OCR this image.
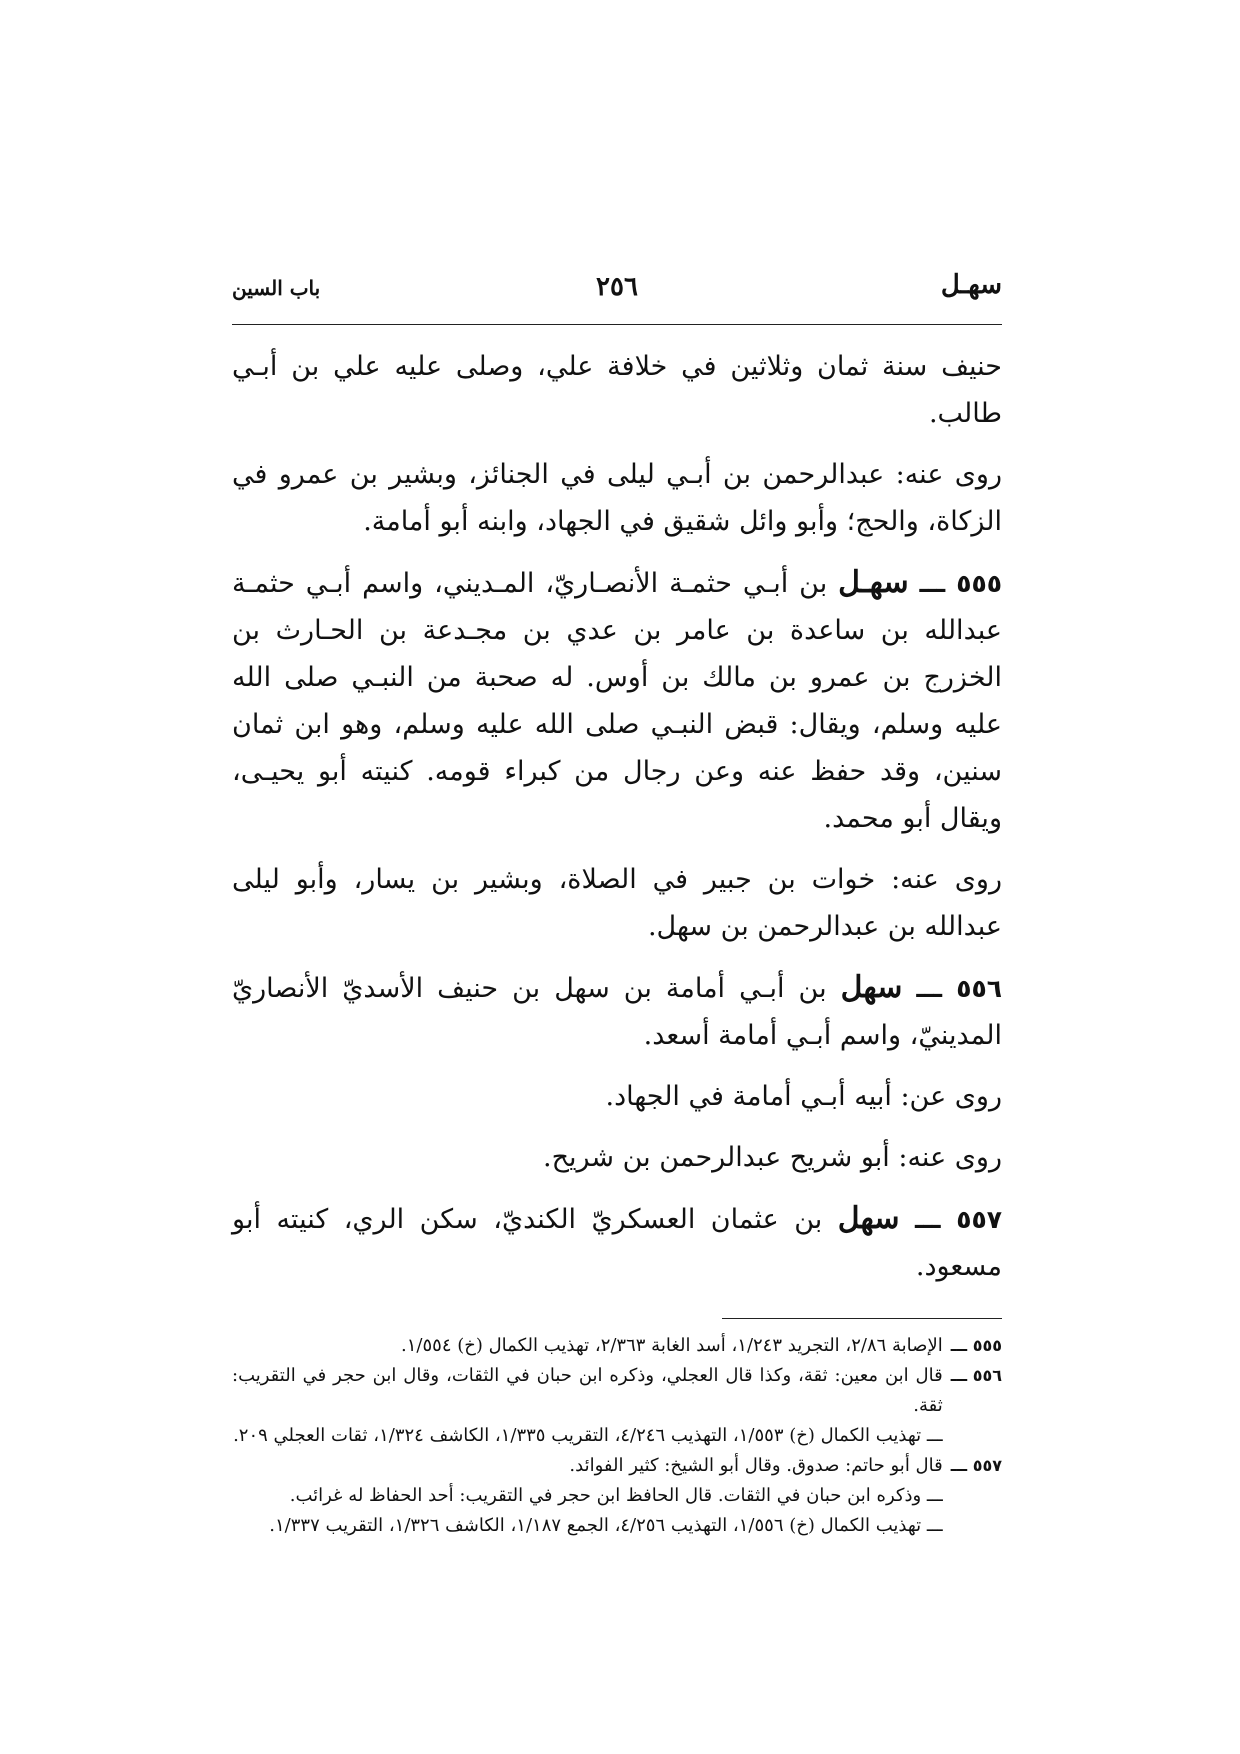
سهـل
٢٥٦
باب السين

حنيف سنة ثمان وثلاثين في خلافة علي، وصلى عليه علي بن أبـي طالب.

روى عنه: عبدالرحمن بن أبـي ليلى في الجنائز، وبشير بن عمرو في الزكاة، والحج؛ وأبو وائل شقيق في الجهاد، وابنه أبو أمامة.

٥٥٥ ـــ سهـل بن أبـي حثمـة الأنصـاريّ، المـديني، واسم أبـي حثمـة عبدالله بن ساعدة بن عامر بن عدي بن مجـدعة بن الحـارث بن الخزرج بن عمرو بن مالك بن أوس. له صحبة من النبـي صلى الله عليه وسلم، ويقال: قبض النبـي صلى الله عليه وسلم، وهو ابن ثمان سنين، وقد حفظ عنه وعن رجال من كبراء قومه. كنيته أبو يحيـى، ويقال أبو محمد.

روى عنه: خوات بن جبير في الصلاة، وبشير بن يسار، وأبو ليلى عبدالله بن عبدالرحمن بن سهل.

٥٥٦ ـــ سهل بن أبـي أمامة بن سهل بن حنيف الأسديّ الأنصاريّ المدينيّ، واسم أبـي أمامة أسعد.

روى عن: أبيه أبـي أمامة في الجهاد.

روى عنه: أبو شريح عبدالرحمن بن شريح.

٥٥٧ ـــ سهل بن عثمان العسكريّ الكنديّ، سكن الري، كنيته أبو مسعود.

٥٥٥ ـــ
الإصابة ٢/٨٦، التجريد ١/٢٤٣، أسد الغابة ٢/٣٦٣، تهذيب الكمال (خ) ١/٥٥٤.
٥٥٦ ـــ
قال ابن معين: ثقة، وكذا قال العجلي، وذكره ابن حبان في الثقات، وقال ابن حجر في التقريب: ثقة.
ـــ تهذيب الكمال (خ) ١/٥٥٣، التهذيب ٤/٢٤٦، التقريب ١/٣٣٥، الكاشف ١/٣٢٤، ثقات العجلي ٢٠٩.
٥٥٧ ـــ
قال أبو حاتم: صدوق. وقال أبو الشيخ: كثير الفوائد.
ـــ وذكره ابن حبان في الثقات. قال الحافظ ابن حجر في التقريب: أحد الحفاظ له غرائب.
ـــ تهذيب الكمال (خ) ١/٥٥٦، التهذيب ٤/٢٥٦، الجمع ١/١٨٧، الكاشف ١/٣٢٦، التقريب ١/٣٣٧.
